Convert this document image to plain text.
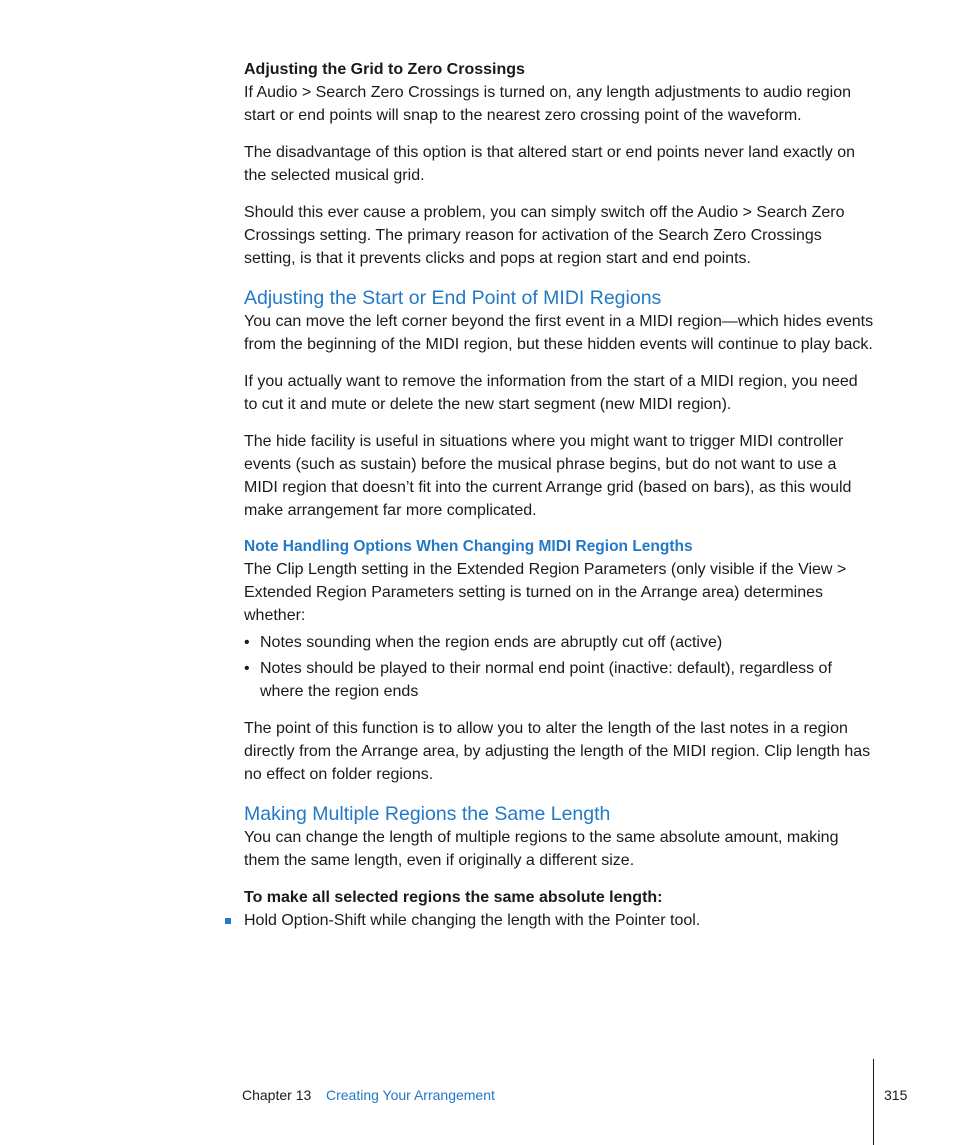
Adjusting the Grid to Zero Crossings

If Audio > Search Zero Crossings is turned on, any length adjustments to audio region start or end points will snap to the nearest zero crossing point of the waveform.

The disadvantage of this option is that altered start or end points never land exactly on the selected musical grid.

Should this ever cause a problem, you can simply switch off the Audio > Search Zero Crossings setting. The primary reason for activation of the Search Zero Crossings setting, is that it prevents clicks and pops at region start and end points.

Adjusting the Start or End Point of MIDI Regions

You can move the left corner beyond the first event in a MIDI region—which hides events from the beginning of the MIDI region, but these hidden events will continue to play back.

If you actually want to remove the information from the start of a MIDI region, you need to cut it and mute or delete the new start segment (new MIDI region).

The hide facility is useful in situations where you might want to trigger MIDI controller events (such as sustain) before the musical phrase begins, but do not want to use a MIDI region that doesn’t fit into the current Arrange grid (based on bars), as this would make arrangement far more complicated.

Note Handling Options When Changing MIDI Region Lengths

The Clip Length setting in the Extended Region Parameters (only visible if the View > Extended Region Parameters setting is turned on in the Arrange area) determines whether:

• Notes sounding when the region ends are abruptly cut off (active)
• Notes should be played to their normal end point (inactive: default), regardless of where the region ends

The point of this function is to allow you to alter the length of the last notes in a region directly from the Arrange area, by adjusting the length of the MIDI region. Clip length has no effect on folder regions.

Making Multiple Regions the Same Length

You can change the length of multiple regions to the same absolute amount, making them the same length, even if originally a different size.

To make all selected regions the same absolute length:
Hold Option-Shift while changing the length with the Pointer tool.
Chapter 13 Creating Your Arrangement	315
